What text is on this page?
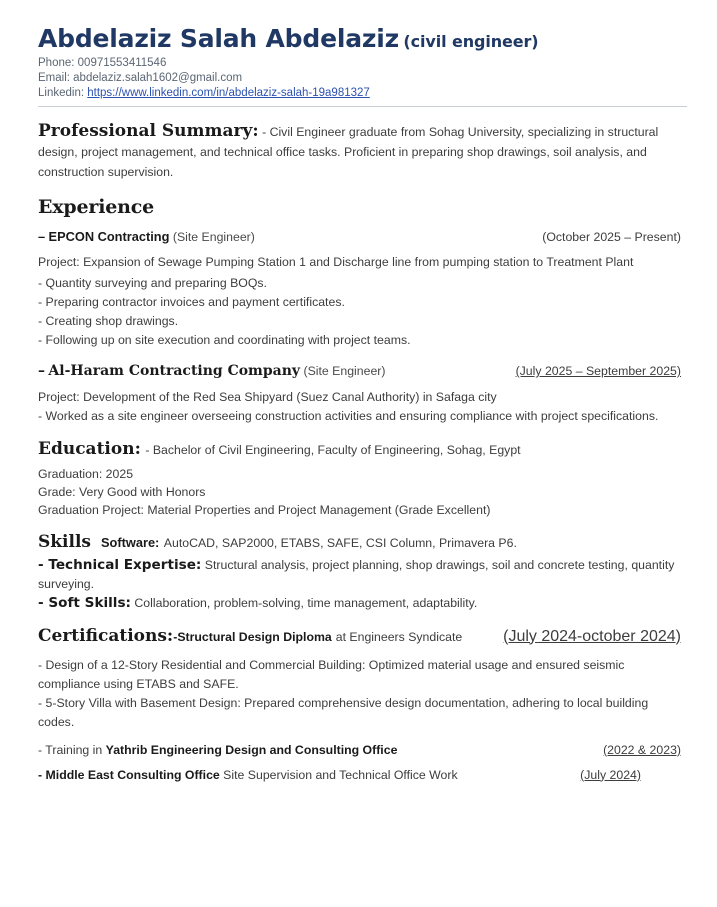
Abdelaziz Salah Abdelaziz (civil engineer)
Phone: 00971553411546
Email: abdelaziz.salah1602@gmail.com
Linkedin: https://www.linkedin.com/in/abdelaziz-salah-19a981327
Professional Summary: - Civil Engineer graduate from Sohag University, specializing in structural design, project management, and technical office tasks. Proficient in preparing shop drawings, soil analysis, and construction supervision.
Experience
– EPCON Contracting (Site Engineer)	(October 2025 – Present)
Project: Expansion of Sewage Pumping Station 1 and Discharge line from pumping station to Treatment Plant
- Quantity surveying and preparing BOQs.
- Preparing contractor invoices and payment certificates.
- Creating shop drawings.
- Following up on site execution and coordinating with project teams.
– Al-Haram Contracting Company (Site Engineer)	(July 2025 – September 2025)
Project: Development of the Red Sea Shipyard (Suez Canal Authority) in Safaga city
- Worked as a site engineer overseeing construction activities and ensuring compliance with project specifications.
Education: - Bachelor of Civil Engineering, Faculty of Engineering, Sohag, Egypt
Graduation: 2025
Grade: Very Good with Honors
Graduation Project: Material Properties and Project Management (Grade Excellent)
Skills Software: AutoCAD, SAP2000, ETABS, SAFE, CSI Column, Primavera P6.
- Technical Expertise: Structural analysis, project planning, shop drawings, soil and concrete testing, quantity surveying.
- Soft Skills: Collaboration, problem-solving, time management, adaptability.
Certifications: - Structural Design Diploma at Engineers Syndicate	(July 2024-october 2024)
- Design of a 12-Story Residential and Commercial Building: Optimized material usage and ensured seismic compliance using ETABS and SAFE.
- 5-Story Villa with Basement Design: Prepared comprehensive design documentation, adhering to local building codes.
- Training in Yathrib Engineering Design and Consulting Office	(2022 & 2023)
- Middle East Consulting Office Site Supervision and Technical Office Work	(July 2024)
